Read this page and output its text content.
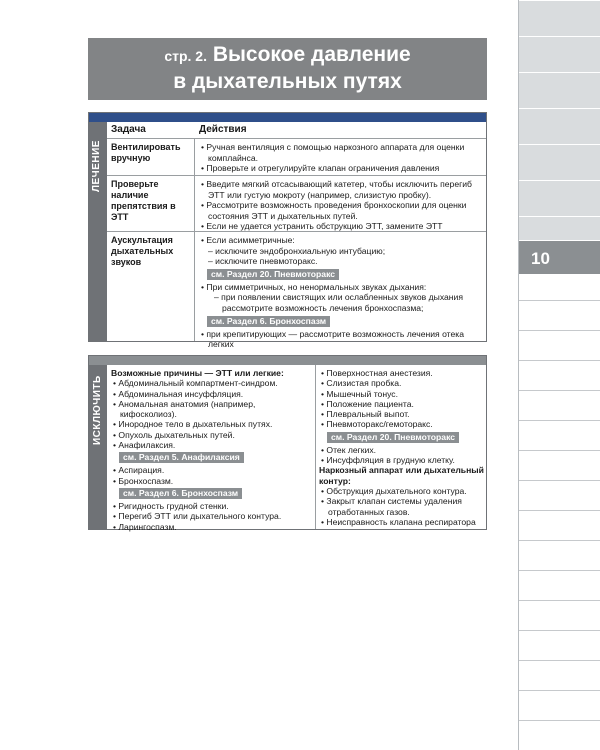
10
стр. 2. Высокое давление
в дыхательных путях
ЛЕЧЕНИЕ
Задача	Действия
Вентилировать вручную
• Ручная вентиляция с помощью наркозного аппарата для оценки комплайнса.
• Проверьте и отрегулируйте клапан ограничения давления
Проверьте наличие препятствия в ЭТТ
• Введите мягкий отсасывающий катетер, чтобы исключить перегиб ЭТТ или густую мокроту (например, слизистую пробку).
• Рассмотрите возможность проведения бронхоскопии для оценки состояния ЭТТ и дыхательных путей.
• Если не удается устранить обструкцию ЭТТ, замените ЭТТ
Аускультация дыхательных звуков
• Если асимметричные:
– исключите эндобронхиальную интубацию;
– исключите пневмоторакс.
см. Раздел 20. Пневмоторакс
• При симметричных, но ненормальных звуках дыхания:
– при появлении свистящих или ослабленных звуков дыхания рассмотрите возможность лечения бронхоспазма;
см. Раздел 6. Бронхоспазм
• при крепитирующих — рассмотрите возможность лечения отека легких
ИСКЛЮЧИТЬ
Возможные причины — ЭТТ или легкие:
• Абдоминальный компартмент-синдром.
• Абдоминальная инсуффляция.
• Аномальная анатомия (например, кифосколиоз).
• Инородное тело в дыхательных путях.
• Опухоль дыхательных путей.
• Анафилаксия.
см. Раздел 5. Анафилаксия
• Аспирация.
• Бронхоспазм.
см. Раздел 6. Бронхоспазм
• Ригидность грудной стенки.
• Перегиб ЭТТ или дыхательного контура.
• Ларингоспазм.
• Поверхностная анестезия.
• Слизистая пробка.
• Мышечный тонус.
• Положение пациента.
• Плевральный выпот.
• Пневмоторакс/гемоторакс.
см. Раздел 20. Пневмоторакс
• Отек легких.
• Инсуффляция в грудную клетку.
Наркозный аппарат или дыхательный контур:
• Обструкция дыхательного контура.
• Закрыт клапан системы удаления отработанных газов.
• Неисправность клапана респиратора
